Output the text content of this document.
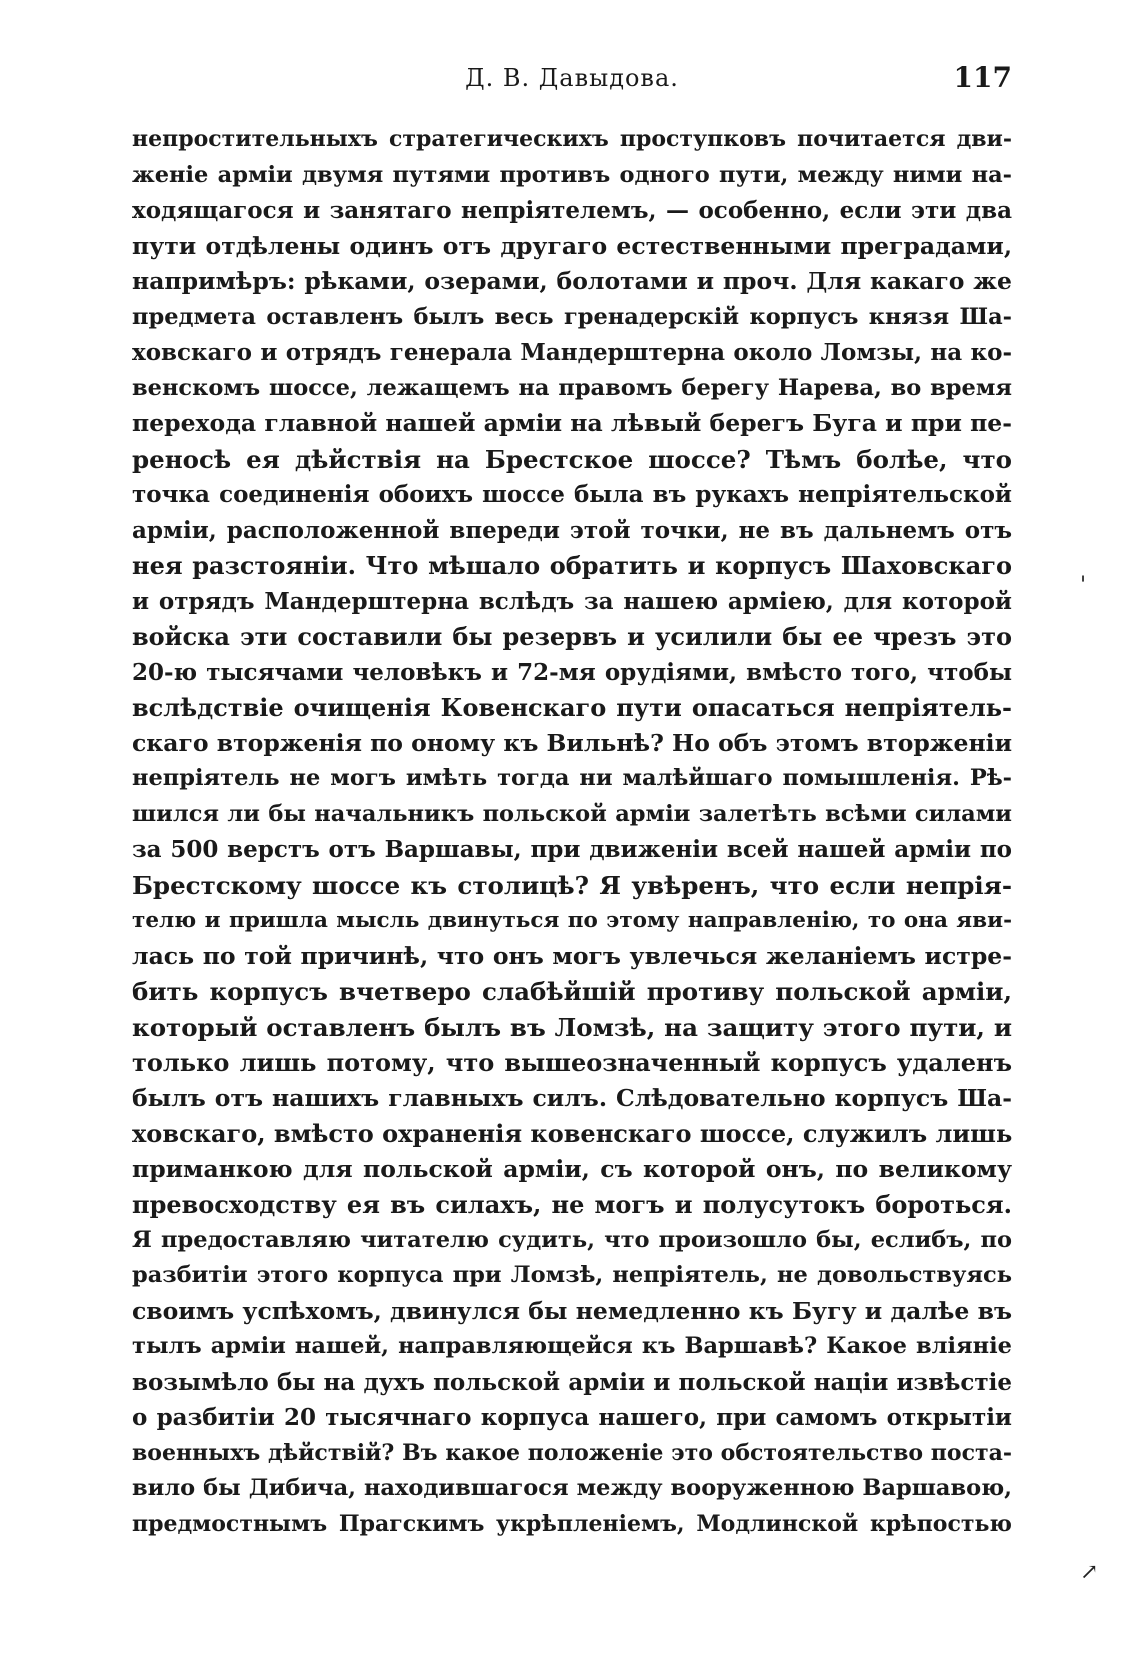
Д. В. Давыдова.	117
непростительныхъ стратегическихъ проступковъ почитается дви-
женіе арміи двумя путями противъ одного пути, между ними на-
ходящагося и занятаго непріятелемъ, — особенно, если эти два
пути отдѣлены одинъ отъ другаго естественными преградами,
напримѣръ: рѣками, озерами, болотами и проч. Для какаго же
предмета оставленъ былъ весь гренадерскій корпусъ князя Ша-
ховскаго и отрядъ генерала Мандерштерна около Ломзы, на ко-
венскомъ шоссе, лежащемъ на правомъ берегу Нарева, во время
перехода главной нашей арміи на лѣвый берегъ Буга и при пе-
реносѣ ея дѣйствія на Брестское шоссе? Тѣмъ болѣе, что
точка соединенія обоихъ шоссе была въ рукахъ непріятельской
арміи, расположенной впереди этой точки, не въ дальнемъ отъ
нея разстояніи. Что мѣшало обратить и корпусъ Шаховскаго
и отрядъ Мандерштерна вслѣдъ за нашею арміею, для которой
войска эти составили бы резервъ и усилили бы ее чрезъ это
20-ю тысячами человѣкъ и 72-мя орудіями, вмѣсто того, чтобы
вслѣдствіе очищенія Ковенскаго пути опасаться непріятель-
скаго вторженія по оному къ Вильнѣ? Но объ этомъ вторженіи
непріятель не могъ имѣть тогда ни малѣйшаго помышленія. Рѣ-
шился ли бы начальникъ польской арміи залетѣть всѣми силами
за 500 верстъ отъ Варшавы, при движеніи всей нашей арміи по
Брестскому шоссе къ столицѣ? Я увѣренъ, что если непрія-
телю и пришла мысль двинуться по этому направленію, то она яви-
лась по той причинѣ, что онъ могъ увлечься желаніемъ истре-
бить корпусъ вчетверо слабѣйшій противу польской арміи,
который оставленъ былъ въ Ломзѣ, на защиту этого пути, и
только лишь потому, что вышеозначенный корпусъ удаленъ
былъ отъ нашихъ главныхъ силъ. Слѣдовательно корпусъ Ша-
ховскаго, вмѣсто охраненія ковенскаго шоссе, служилъ лишь
приманкою для польской арміи, съ которой онъ, по великому
превосходству ея въ силахъ, не могъ и полусутокъ бороться.
Я предоставляю читателю судить, что произошло бы, еслибъ, по
разбитіи этого корпуса при Ломзѣ, непріятель, не довольствуясь
своимъ успѣхомъ, двинулся бы немедленно къ Бугу и далѣе въ
тылъ арміи нашей, направляющейся къ Варшавѣ? Какое вліяніе
возымѣло бы на духъ польской арміи и польской націи извѣстіе
о разбитіи 20 тысячнаго корпуса нашего, при самомъ открытіи
военныхъ дѣйствій? Въ какое положеніе это обстоятельство поста-
вило бы Дибича, находившагося между вооруженною Варшавою,
предмостнымъ Прагскимъ укрѣпленіемъ, Модлинской крѣпостью
'
↗
